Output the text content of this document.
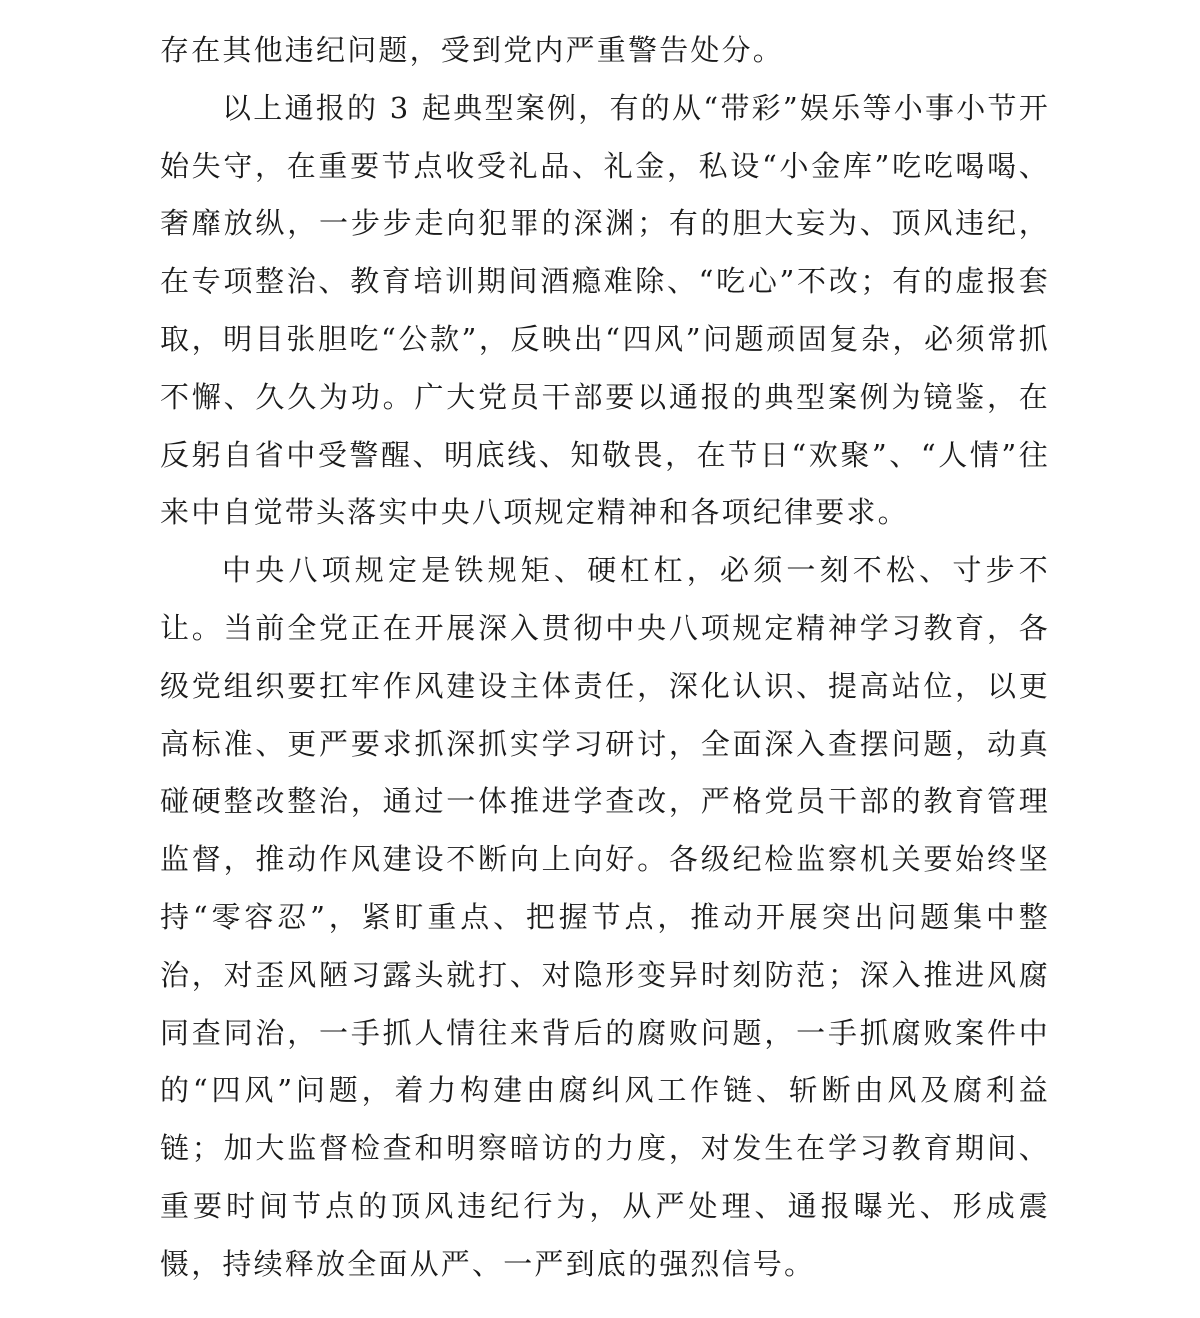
存在其他违纪问题，受到党内严重警告处分。

以上通报的 3 起典型案例，有的从“带彩”娱乐等小事小节开始失守，在重要节点收受礼品、礼金，私设“小金库”吃吃喝喝、奢靡放纵，一步步走向犯罪的深渊；有的胆大妄为、顶风违纪，在专项整治、教育培训期间酒瘾难除、“吃心”不改；有的虚报套取，明目张胆吃“公款”，反映出“四风”问题顽固复杂，必须常抓不懈、久久为功。广大党员干部要以通报的典型案例为镜鉴，在反躬自省中受警醒、明底线、知敬畏，在节日“欢聚”、“人情”往来中自觉带头落实中央八项规定精神和各项纪律要求。

中央八项规定是铁规矩、硬杠杠，必须一刻不松、寸步不让。当前全党正在开展深入贯彻中央八项规定精神学习教育，各级党组织要扛牢作风建设主体责任，深化认识、提高站位，以更高标准、更严要求抓深抓实学习研讨，全面深入查摆问题，动真碰硬整改整治，通过一体推进学查改，严格党员干部的教育管理监督，推动作风建设不断向上向好。各级纪检监察机关要始终坚持“零容忍”，紧盯重点、把握节点，推动开展突出问题集中整治，对歪风陋习露头就打、对隐形变异时刻防范；深入推进风腐同查同治，一手抓人情往来背后的腐败问题，一手抓腐败案件中的“四风”问题，着力构建由腐纠风工作链、斩断由风及腐利益链；加大监督检查和明察暗访的力度，对发生在学习教育期间、重要时间节点的顶风违纪行为，从严处理、通报曝光、形成震慑，持续释放全面从严、一严到底的强烈信号。
